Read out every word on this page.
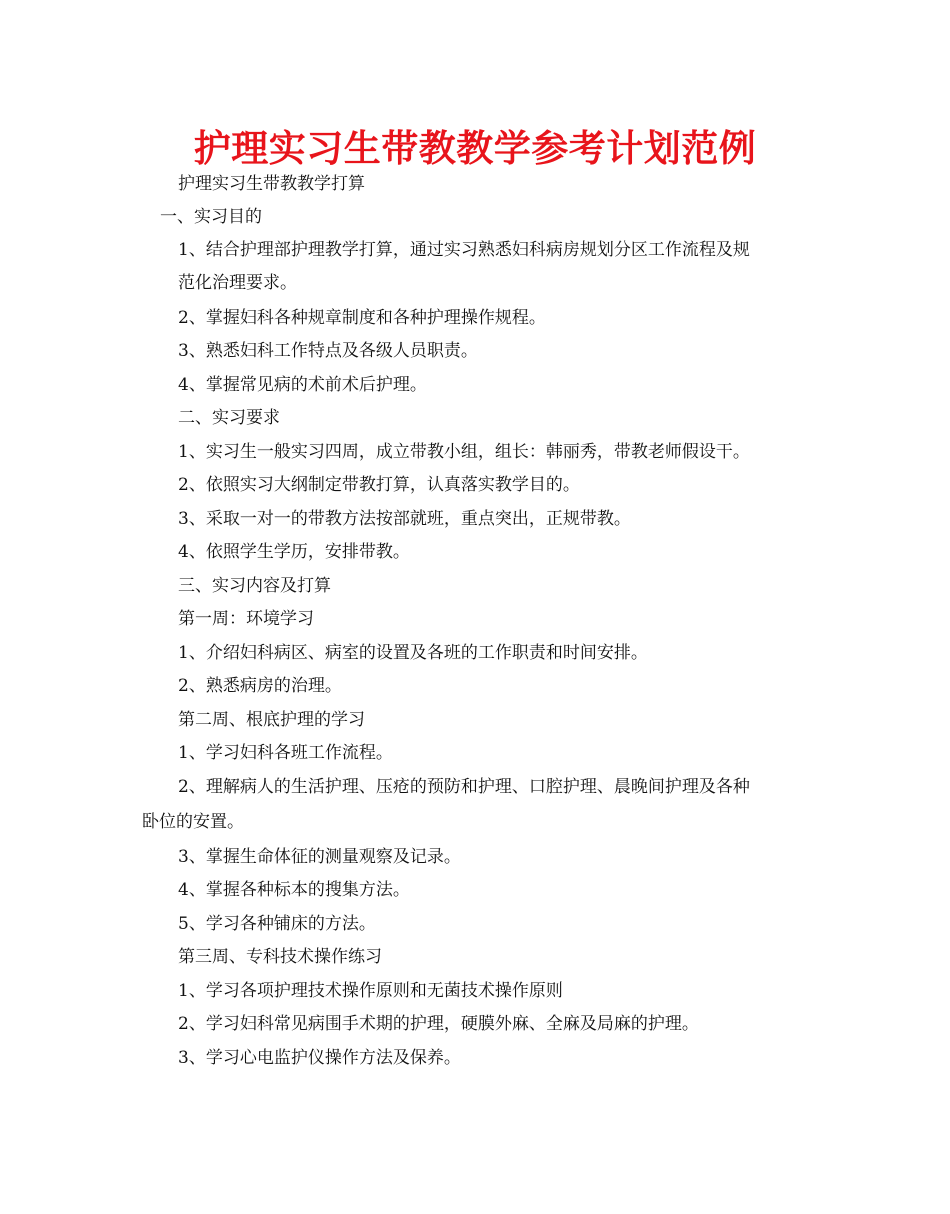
护理实习生带教教学参考计划范例
护理实习生带教教学打算
一、实习目的
1、结合护理部护理教学打算，通过实习熟悉妇科病房规划分区工作流程及规
范化治理要求。
2、掌握妇科各种规章制度和各种护理操作规程。
3、熟悉妇科工作特点及各级人员职责。
4、掌握常见病的术前术后护理。
二、实习要求
1、实习生一般实习四周，成立带教小组，组长：韩丽秀，带教老师假设干。
2、依照实习大纲制定带教打算，认真落实教学目的。
3、采取一对一的带教方法按部就班，重点突出，正规带教。
4、依照学生学历，安排带教。
三、实习内容及打算
第一周：环境学习
1、介绍妇科病区、病室的设置及各班的工作职责和时间安排。
2、熟悉病房的治理。
第二周、根底护理的学习
1、学习妇科各班工作流程。
2、理解病人的生活护理、压疮的预防和护理、口腔护理、晨晚间护理及各种
卧位的安置。
3、掌握生命体征的测量观察及记录。
4、掌握各种标本的搜集方法。
5、学习各种铺床的方法。
第三周、专科技术操作练习
1、学习各项护理技术操作原则和无菌技术操作原则
2、学习妇科常见病围手术期的护理，硬膜外麻、全麻及局麻的护理。
3、学习心电监护仪操作方法及保养。
